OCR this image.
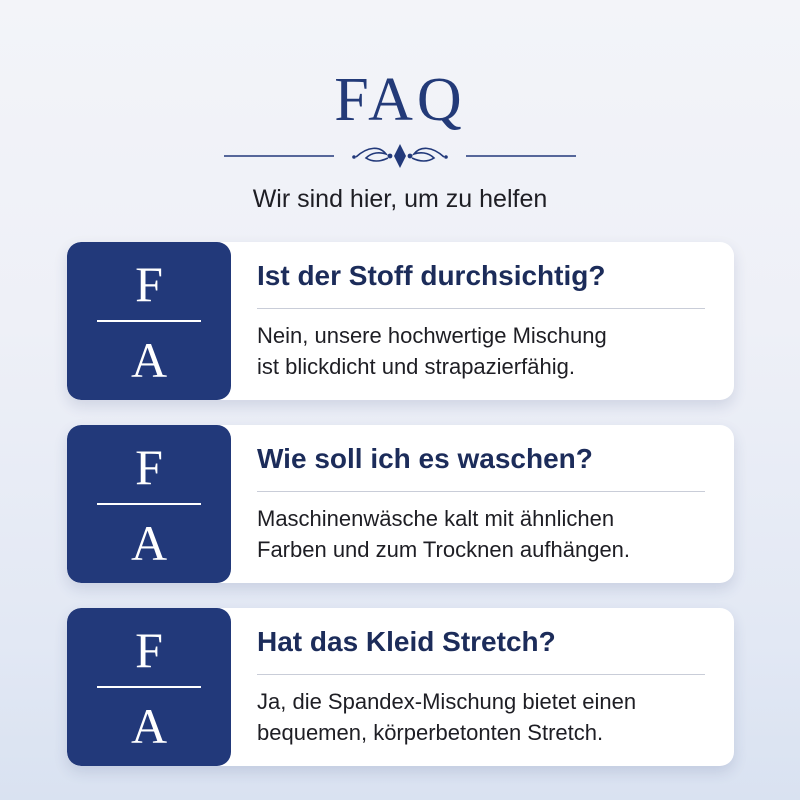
FAQ
Wir sind hier, um zu helfen
F
A
Ist der Stoff durchsichtig?
Nein, unsere hochwertige Mischung
ist blickdicht und strapazierfähig.
F
A
Wie soll ich es waschen?
Maschinenwäsche kalt mit ähnlichen
Farben und zum Trocknen aufhängen.
F
A
Hat das Kleid Stretch?
Ja, die Spandex-Mischung bietet einen
bequemen, körperbetonten Stretch.
